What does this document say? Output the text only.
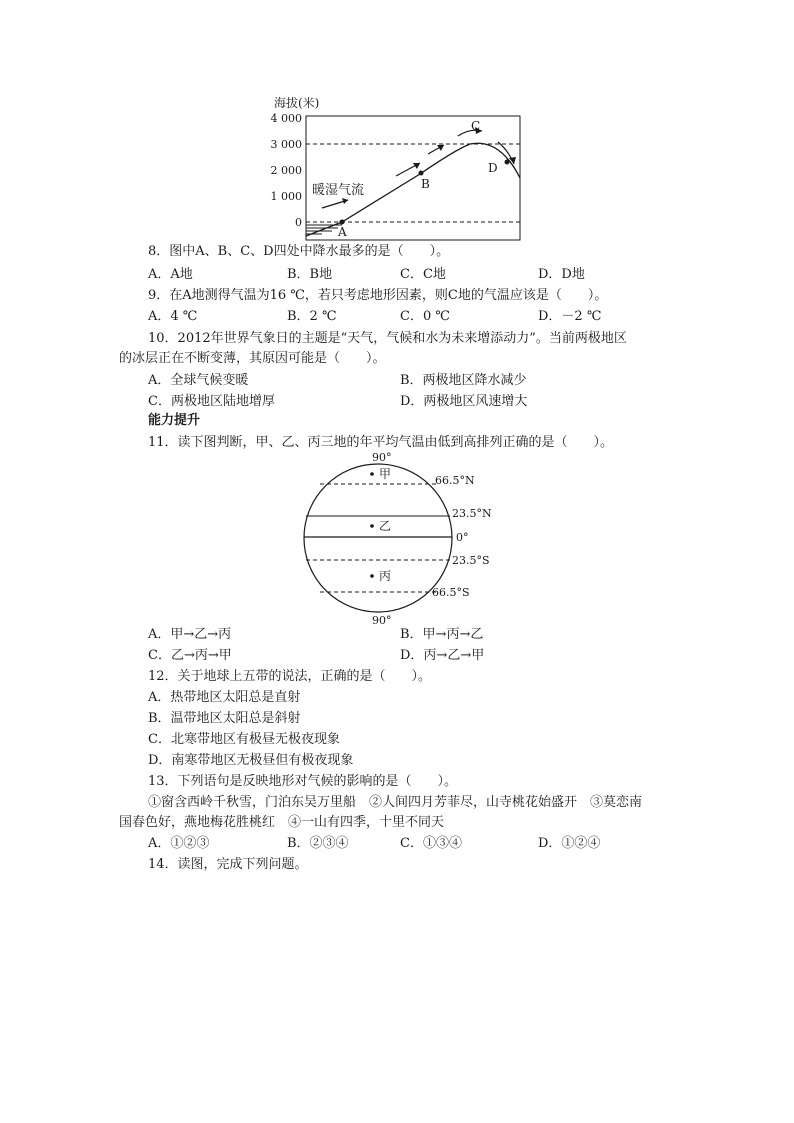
海拔(米)
4 000
3 000
2 000
1 000
0
暖湿气流
A
B
C
D
8．图中A、B、C、D四处中降水最多的是（　　）。
A．A地	B．B地	C．C地	D．D地
9．在A地测得气温为16 ℃，若只考虑地形因素，则C地的气温应该是（　　）。
A．4 ℃	B．2 ℃	C．0 ℃	D．－2 ℃
10．2012年世界气象日的主题是“天气，气候和水为未来增添动力”。当前两极地区
的冰层正在不断变薄，其原因可能是（　　）。
A．全球气候变暖	B．两极地区降水减少
C．两极地区陆地增厚	D．两极地区风速增大
能力提升
11．读下图判断，甲、乙、丙三地的年平均气温由低到高排列正确的是（　　）。
90°
甲
乙
丙
66.5°N
23.5°N
0°
23.5°S
66.5°S
90°
A．甲→乙→丙	B．甲→丙→乙
C．乙→丙→甲	D．丙→乙→甲
12．关于地球上五带的说法，正确的是（　　）。
A．热带地区太阳总是直射
B．温带地区太阳总是斜射
C．北寒带地区有极昼无极夜现象
D．南寒带地区无极昼但有极夜现象
13．下列语句是反映地形对气候的影响的是（　　）。
①窗含西岭千秋雪，门泊东吴万里船　②人间四月芳菲尽，山寺桃花始盛开　③莫恋南
国春色好，燕地梅花胜桃红　④一山有四季，十里不同天
A．①②③	B．②③④	C．①③④	D．①②④
14．读图，完成下列问题。
